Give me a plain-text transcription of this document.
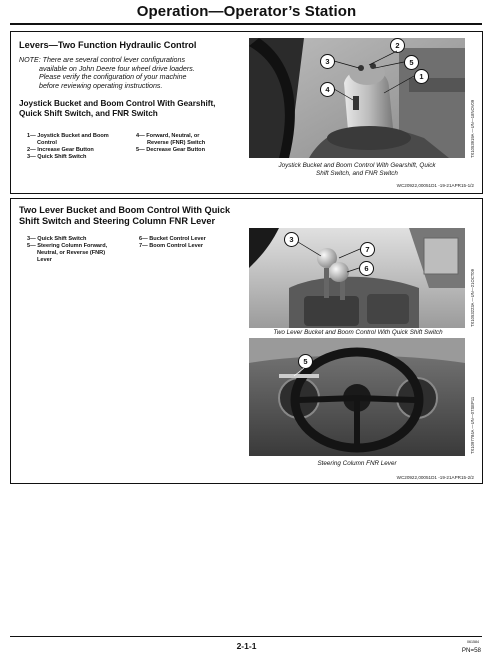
Operation—Operator’s Station
Levers—Two Function Hydraulic Control
NOTE: There are several control lever configurations
available on John Deere four wheel drive loaders.
Please verify the configuration of your machine
before reviewing operating instructions.
Joystick Bucket and Boom Control With Gearshift,
Quick Shift Switch, and FNR Switch
1— Joystick Bucket and Boom
Control
2— Increase Gear Button
3— Quick Shift Switch
4— Forward, Neutral, or
Reverse (FNR) Switch
5— Decrease Gear Button
2
3	5
1
4
TX1053919A —UN—18NOV09
Joystick Bucket and Boom Control With Gearshift, Quick
Shift Switch, and FNR Switch
WC20922,00051D1 -19-21APR15-1/2
Two Lever Bucket and Boom Control With Quick
Shift Switch and Steering Column FNR Lever
3— Quick Shift Switch
5— Steering Column Forward,
Neutral, or Reverse (FNR)
Lever
6— Bucket Control Lever
7— Boom Control Lever
3
7
6
TX1053223A —UN—21OCT09
Two Lever Bucket and Boom Control With Quick Shift Switch
5
TX1097784A —UN—07SEP11
Steering Column FNR Lever
WC20922,00051D1 -19-21APR15-2/2
2-1-1	061584
PN=58
